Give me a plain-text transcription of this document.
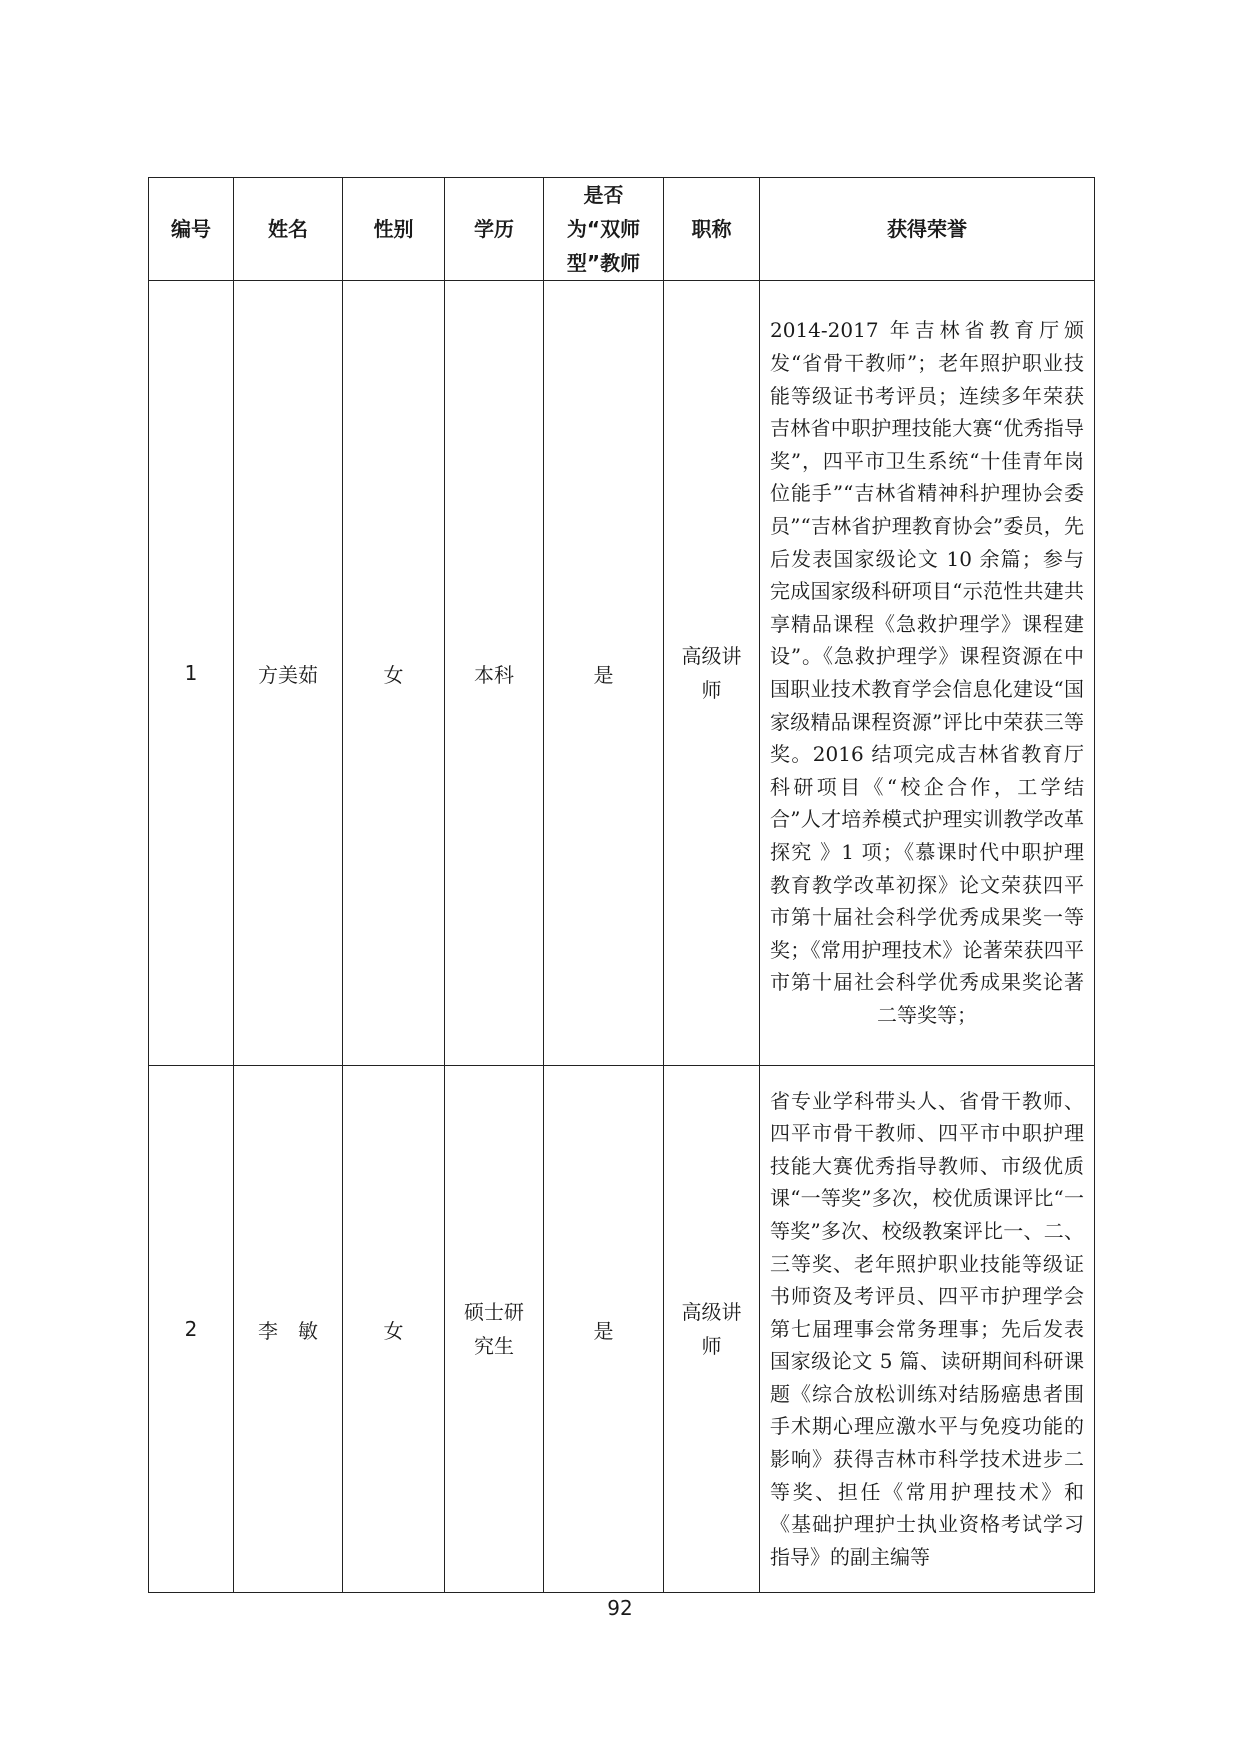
编号	姓名	性别	学历	是否为“双师型”教师	职称	获得荣誉
1	方美茹	女	本科	是	高级讲师	2014-2017 年吉林省教育厅颁发“省骨干教师”；老年照护职业技能等级证书考评员；连续多年荣获吉林省中职护理技能大赛“优秀指导奖”，四平市卫生系统“十佳青年岗位能手”“吉林省精神科护理协会委员”“吉林省护理教育协会”委员，先后发表国家级论文 10 余篇；参与完成国家级科研项目“示范性共建共享精品课程《急救护理学》课程建设”。《急救护理学》课程资源在中国职业技术教育学会信息化建设“国家级精品课程资源”评比中荣获三等奖。2016 结项完成吉林省教育厅科研项目《“校企合作，工学结合”人才培养模式护理实训教学改革探究 》1 项；《慕课时代中职护理教育教学改革初探》论文荣获四平市第十届社会科学优秀成果奖一等奖；《常用护理技术》论著荣获四平市第十届社会科学优秀成果奖论著二等奖等；
2	李　敏	女	硕士研究生	是	高级讲师	省专业学科带头人、省骨干教师、四平市骨干教师、四平市中职护理技能大赛优秀指导教师、市级优质课“一等奖”多次，校优质课评比“一等奖”多次、校级教案评比一、二、三等奖、老年照护职业技能等级证书师资及考评员、四平市护理学会第七届理事会常务理事；先后发表国家级论文 5 篇、读研期间科研课题《综合放松训练对结肠癌患者围手术期心理应激水平与免疫功能的影响》获得吉林市科学技术进步二等奖、担任《常用护理技术》和《基础护理护士执业资格考试学习指导》的副主编等
92
